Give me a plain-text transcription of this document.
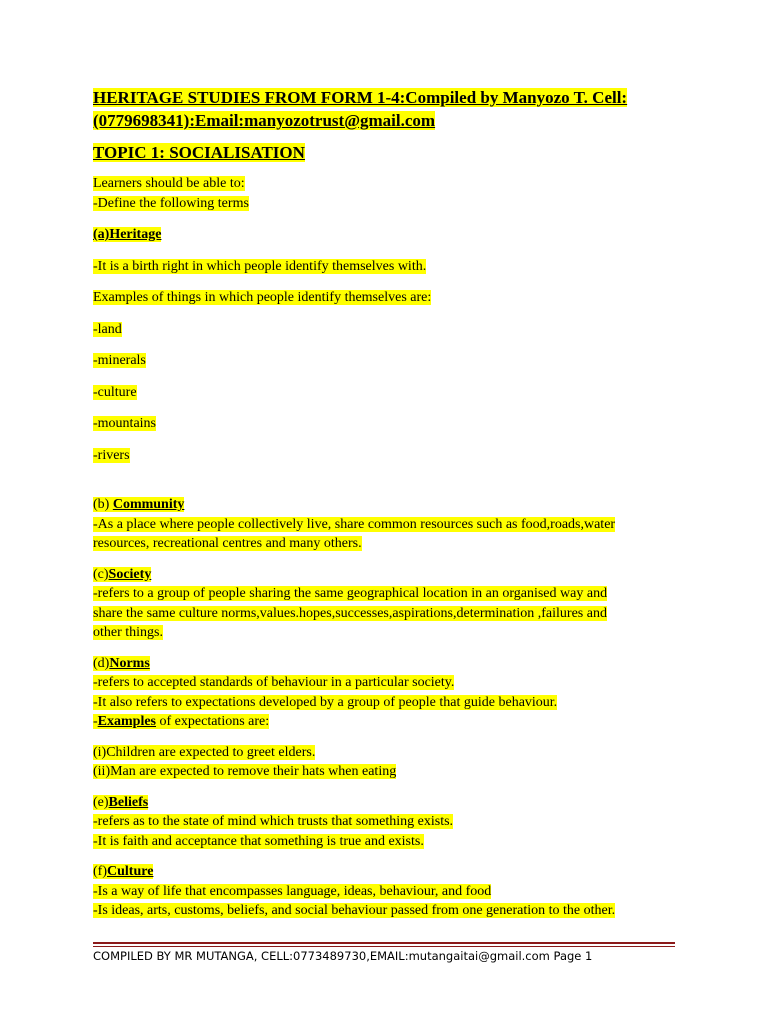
HERITAGE STUDIES FROM FORM 1-4:Compiled by Manyozo T. Cell:
(0779698341):Email:manyozotrust@gmail.com

TOPIC 1: SOCIALISATION

Learners should be able to:
-Define the following terms

(a)Heritage

-It is a birth right in which people identify themselves with.

Examples of things in which people identify themselves are:

-land

-minerals

-culture

-mountains

-rivers

(b) Community
-As a place where people collectively live, share common resources such as food,roads,water
resources, recreational centres and many others.

(c)Society
-refers to a group of people sharing the same geographical location in an organised way and
share the same culture norms,values.hopes,successes,aspirations,determination ,failures and
other things.

(d)Norms
-refers to accepted standards of behaviour in a particular society.
-It also refers to expectations developed by a group of people that guide behaviour.
-Examples of expectations are:

(i)Children are expected to greet elders.
(ii)Man are expected to remove their hats when eating

(e)Beliefs
-refers as to the state of mind which trusts that something exists.
-It is faith and acceptance that something is true and exists.

(f)Culture
-Is a way of life that encompasses language, ideas, behaviour, and food
-Is ideas, arts, customs, beliefs, and social behaviour passed from one generation to the other.

COMPILED BY MR MUTANGA, CELL:0773489730,EMAIL:mutangaitai@gmail.com Page 1
